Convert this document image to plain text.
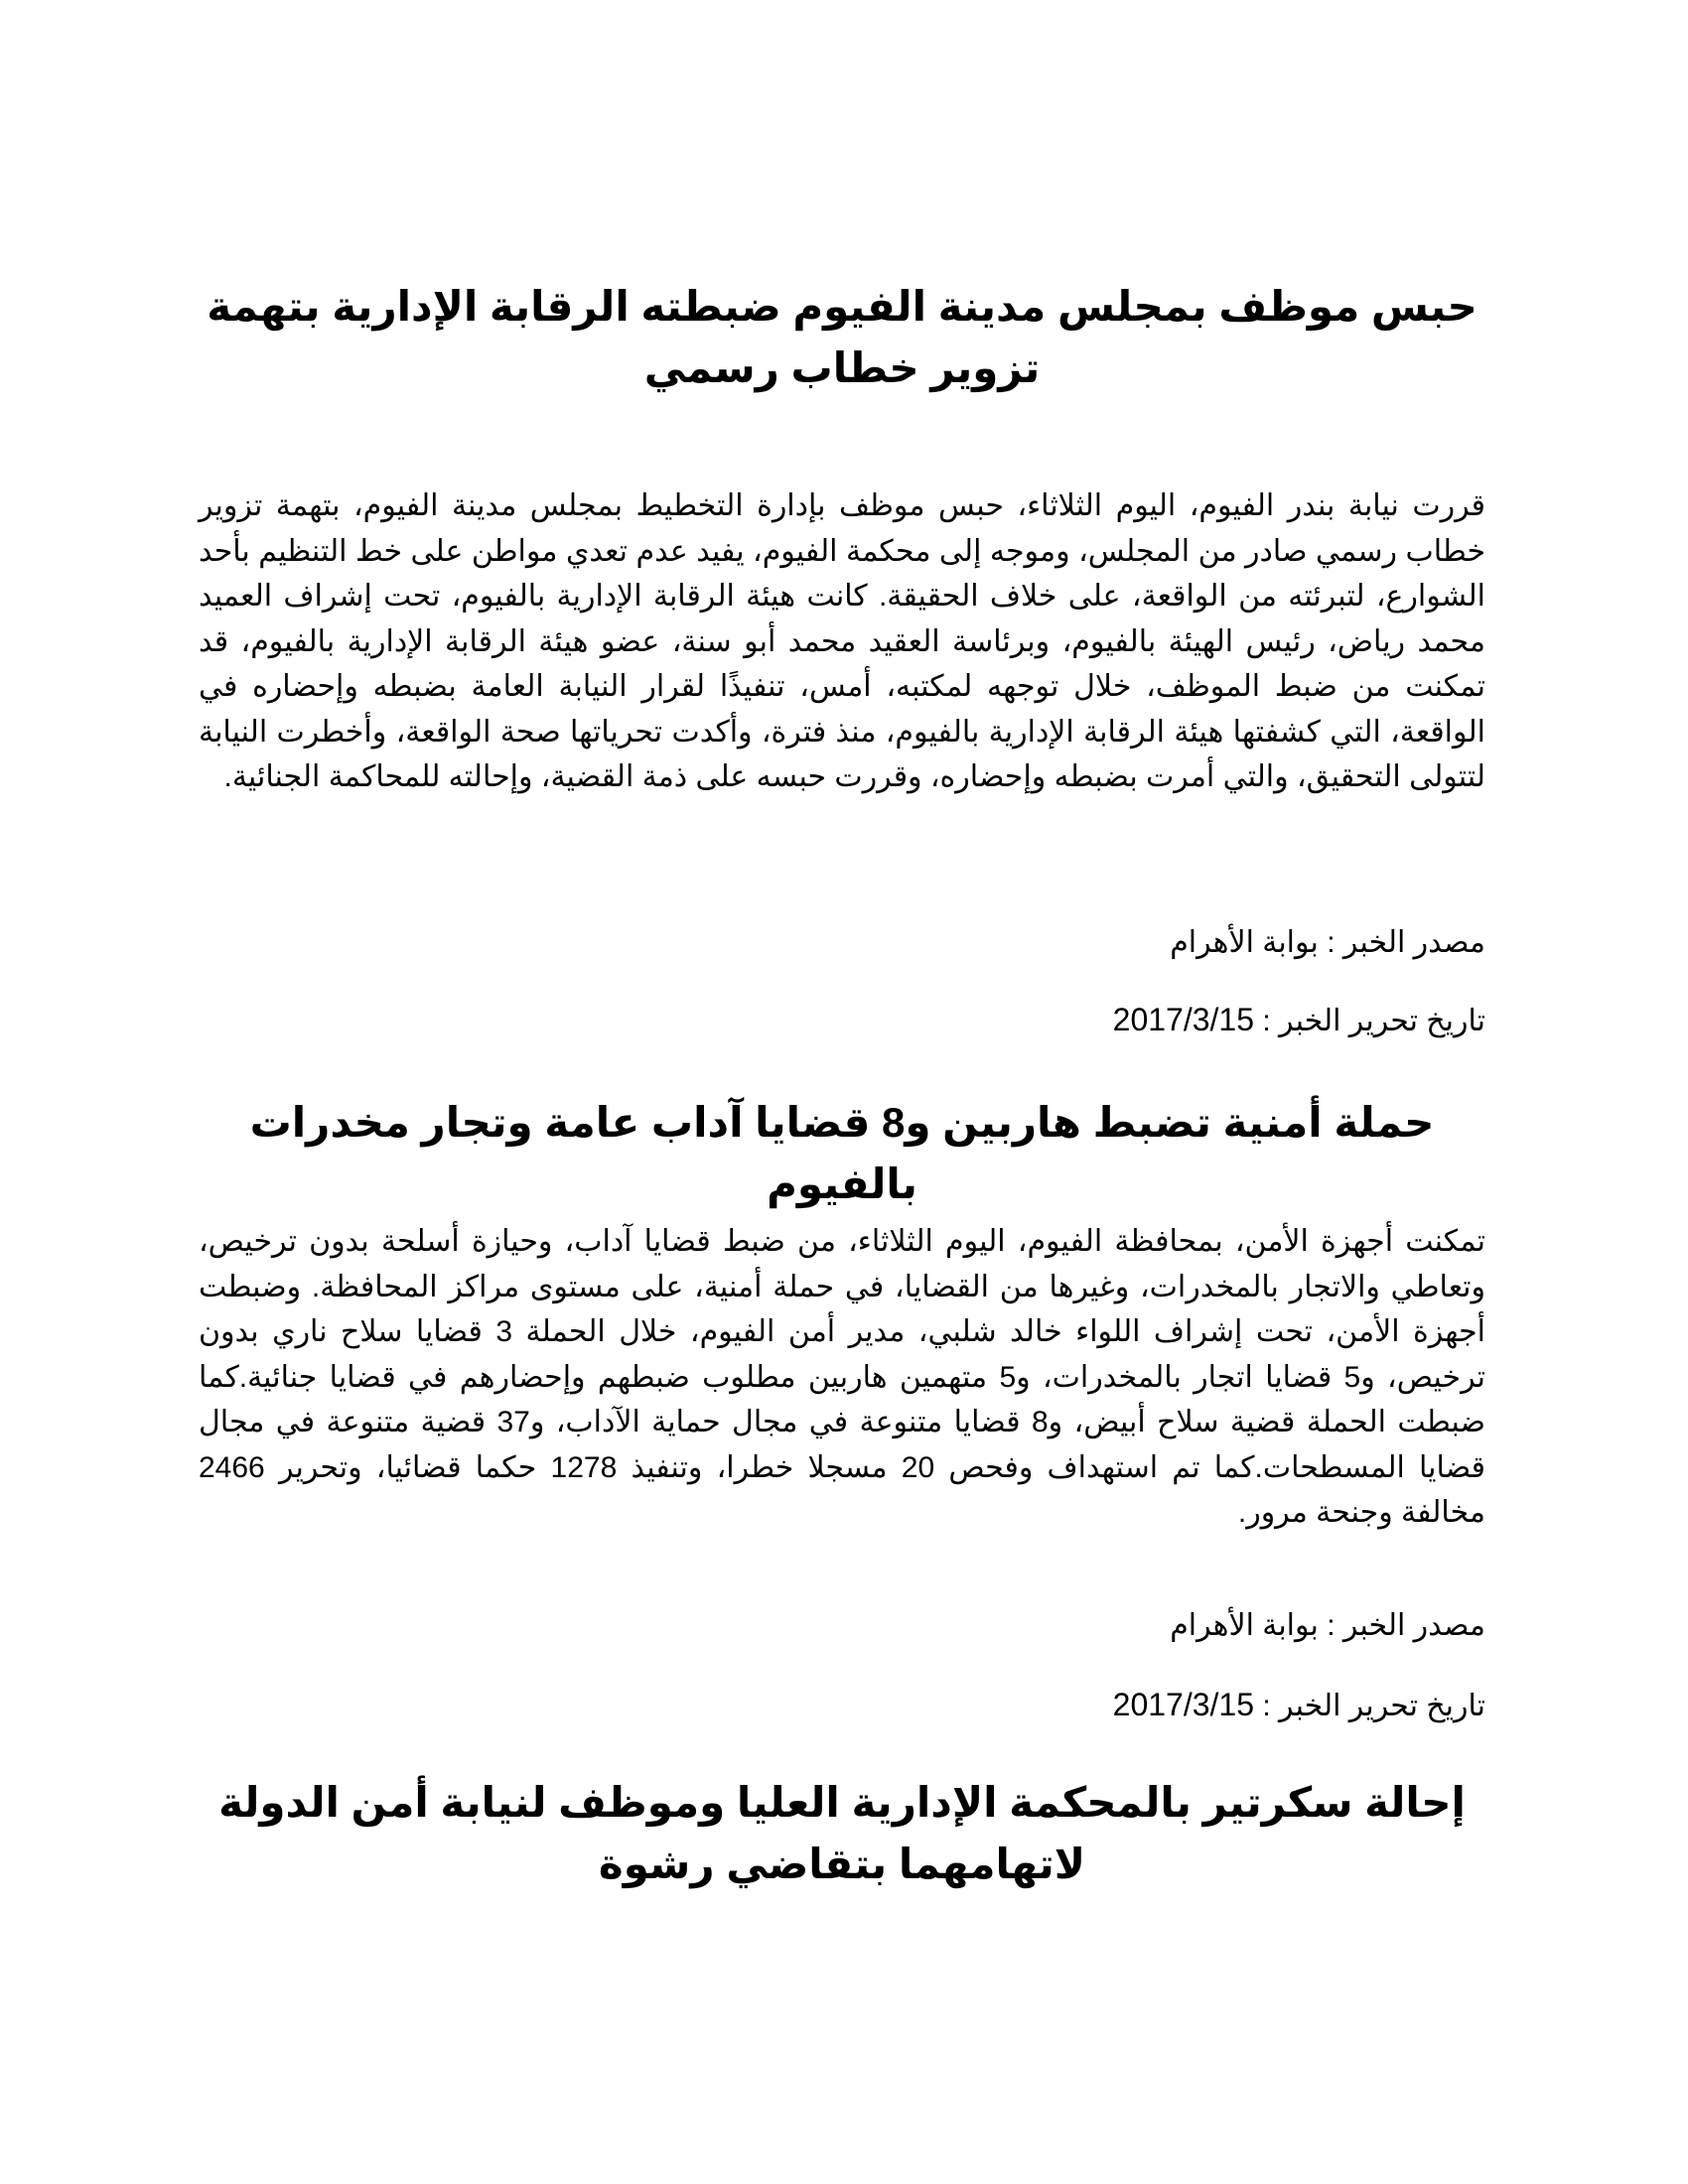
حبس موظف بمجلس مدينة الفيوم ضبطته الرقابة الإدارية بتهمة تزوير خطاب رسمي

قررت نيابة بندر الفيوم، اليوم الثلاثاء، حبس موظف بإدارة التخطيط بمجلس مدينة الفيوم، بتهمة تزوير خطاب رسمي صادر من المجلس، وموجه إلى محكمة الفيوم، يفيد عدم تعدي مواطن على خط التنظيم بأحد الشوارع، لتبرئته من الواقعة، على خلاف الحقيقة. كانت هيئة الرقابة الإدارية بالفيوم، تحت إشراف العميد محمد رياض، رئيس الهيئة بالفيوم، وبرئاسة العقيد محمد أبو سنة، عضو هيئة الرقابة الإدارية بالفيوم، قد تمكنت من ضبط الموظف، خلال توجهه لمكتبه، أمس، تنفيذًا لقرار النيابة العامة بضبطه وإحضاره في الواقعة، التي كشفتها هيئة الرقابة الإدارية بالفيوم، منذ فترة، وأكدت تحرياتها صحة الواقعة، وأخطرت النيابة لتتولى التحقيق، والتي أمرت بضبطه وإحضاره، وقررت حبسه على ذمة القضية، وإحالته للمحاكمة الجنائية.

مصدر الخبر : بوابة الأهرام

تاريخ تحرير الخبر : 2017/3/15

حملة أمنية تضبط هاربين و8 قضايا آداب عامة وتجار مخدرات بالفيوم

تمكنت أجهزة الأمن، بمحافظة الفيوم، اليوم الثلاثاء، من ضبط قضايا آداب، وحيازة أسلحة بدون ترخيص، وتعاطي والاتجار بالمخدرات، وغيرها من القضايا، في حملة أمنية، على مستوى مراكز المحافظة. وضبطت أجهزة الأمن، تحت إشراف اللواء خالد شلبي، مدير أمن الفيوم، خلال الحملة 3 قضايا سلاح ناري بدون ترخيص، و5 قضايا اتجار بالمخدرات، و5 متهمين هاربين مطلوب ضبطهم وإحضارهم في قضايا جنائية.كما ضبطت الحملة قضية سلاح أبيض، و8 قضايا متنوعة في مجال حماية الآداب، و37 قضية متنوعة في مجال قضايا المسطحات.كما تم استهداف وفحص 20 مسجلا خطرا، وتنفيذ 1278 حكما قضائيا، وتحرير 2466 مخالفة وجنحة مرور.

مصدر الخبر : بوابة الأهرام

تاريخ تحرير الخبر : 2017/3/15

إحالة سكرتير بالمحكمة الإدارية العليا وموظف لنيابة أمن الدولة لاتهامهما بتقاضي رشوة
